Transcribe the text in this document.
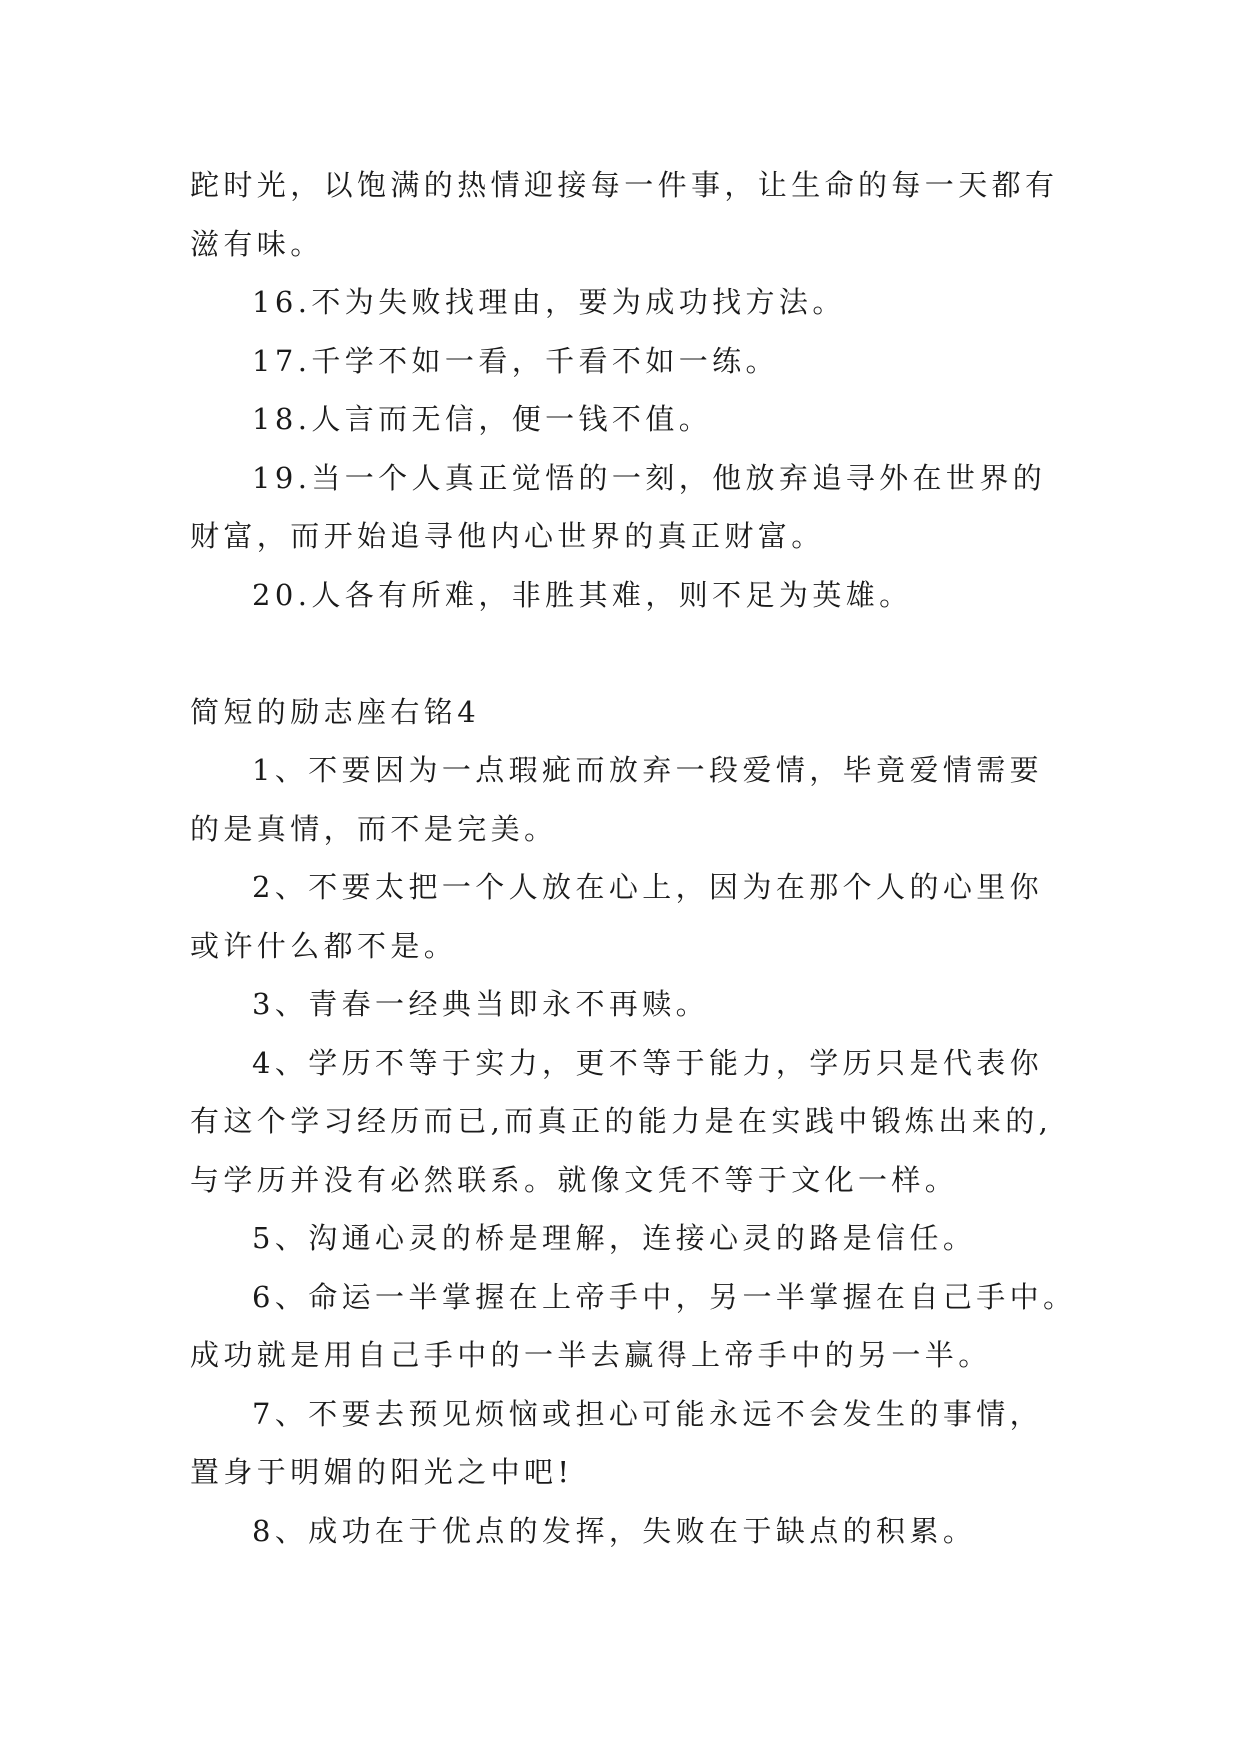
跎时光，以饱满的热情迎接每一件事，让生命的每一天都有

滋有味。

16.不为失败找理由，要为成功找方法。

17.千学不如一看，千看不如一练。

18.人言而无信，便一钱不值。

19.当一个人真正觉悟的一刻，他放弃追寻外在世界的

财富，而开始追寻他内心世界的真正财富。

20.人各有所难，非胜其难，则不足为英雄。

简短的励志座右铭4

1、不要因为一点瑕疵而放弃一段爱情，毕竟爱情需要

的是真情，而不是完美。

2、不要太把一个人放在心上，因为在那个人的心里你

或许什么都不是。

3、青春一经典当即永不再赎。

4、学历不等于实力，更不等于能力，学历只是代表你

有这个学习经历而已,而真正的能力是在实践中锻炼出来的,

与学历并没有必然联系。就像文凭不等于文化一样。

5、沟通心灵的桥是理解，连接心灵的路是信任。

6、命运一半掌握在上帝手中，另一半掌握在自己手中。

成功就是用自己手中的一半去赢得上帝手中的另一半。

7、不要去预见烦恼或担心可能永远不会发生的事情，

置身于明媚的阳光之中吧!

8、成功在于优点的发挥，失败在于缺点的积累。
